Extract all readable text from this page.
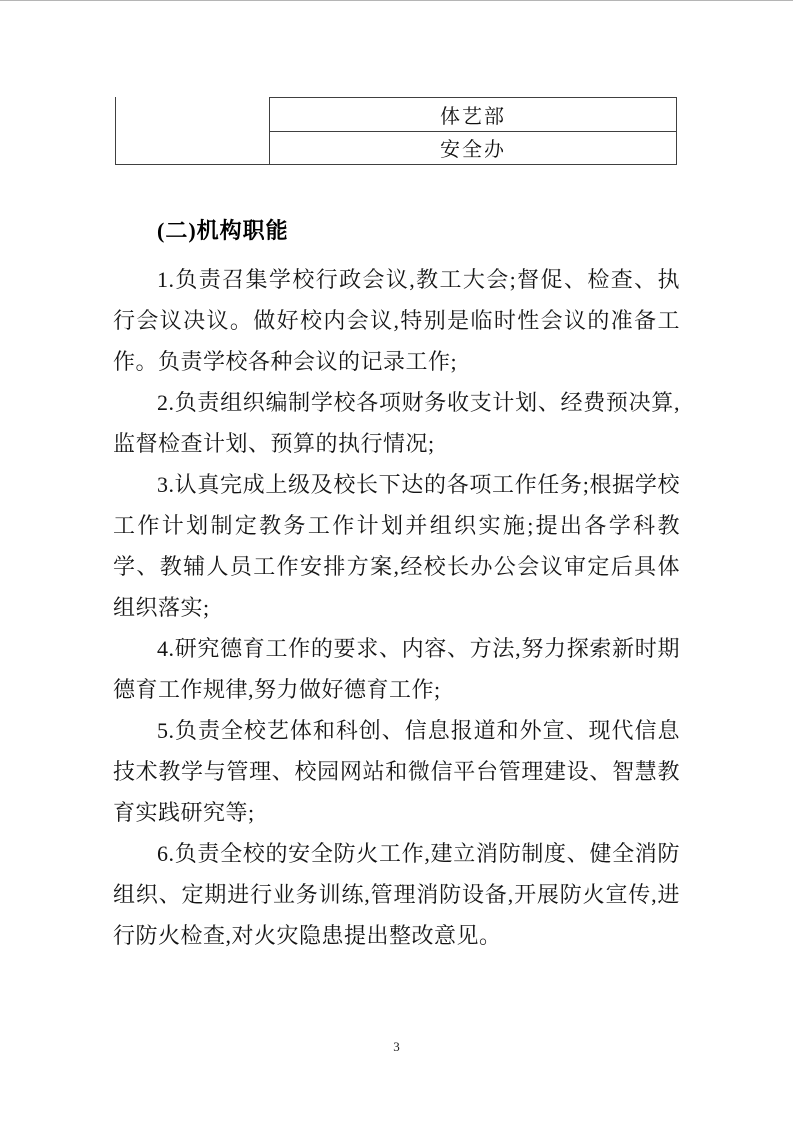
体艺部
安全办
(二)机构职能

1.负责召集学校行政会议,教工大会;督促、检查、执行会议决议。做好校内会议,特别是临时性会议的准备工作。负责学校各种会议的记录工作;

2.负责组织编制学校各项财务收支计划、经费预决算,监督检查计划、预算的执行情况;

3.认真完成上级及校长下达的各项工作任务;根据学校工作计划制定教务工作计划并组织实施;提出各学科教学、教辅人员工作安排方案,经校长办公会议审定后具体组织落实;

4.研究德育工作的要求、内容、方法,努力探索新时期德育工作规律,努力做好德育工作;

5.负责全校艺体和科创、信息报道和外宣、现代信息技术教学与管理、校园网站和微信平台管理建设、智慧教育实践研究等;

6.负责全校的安全防火工作,建立消防制度、健全消防组织、定期进行业务训练,管理消防设备,开展防火宣传,进行防火检查,对火灾隐患提出整改意见。

3
